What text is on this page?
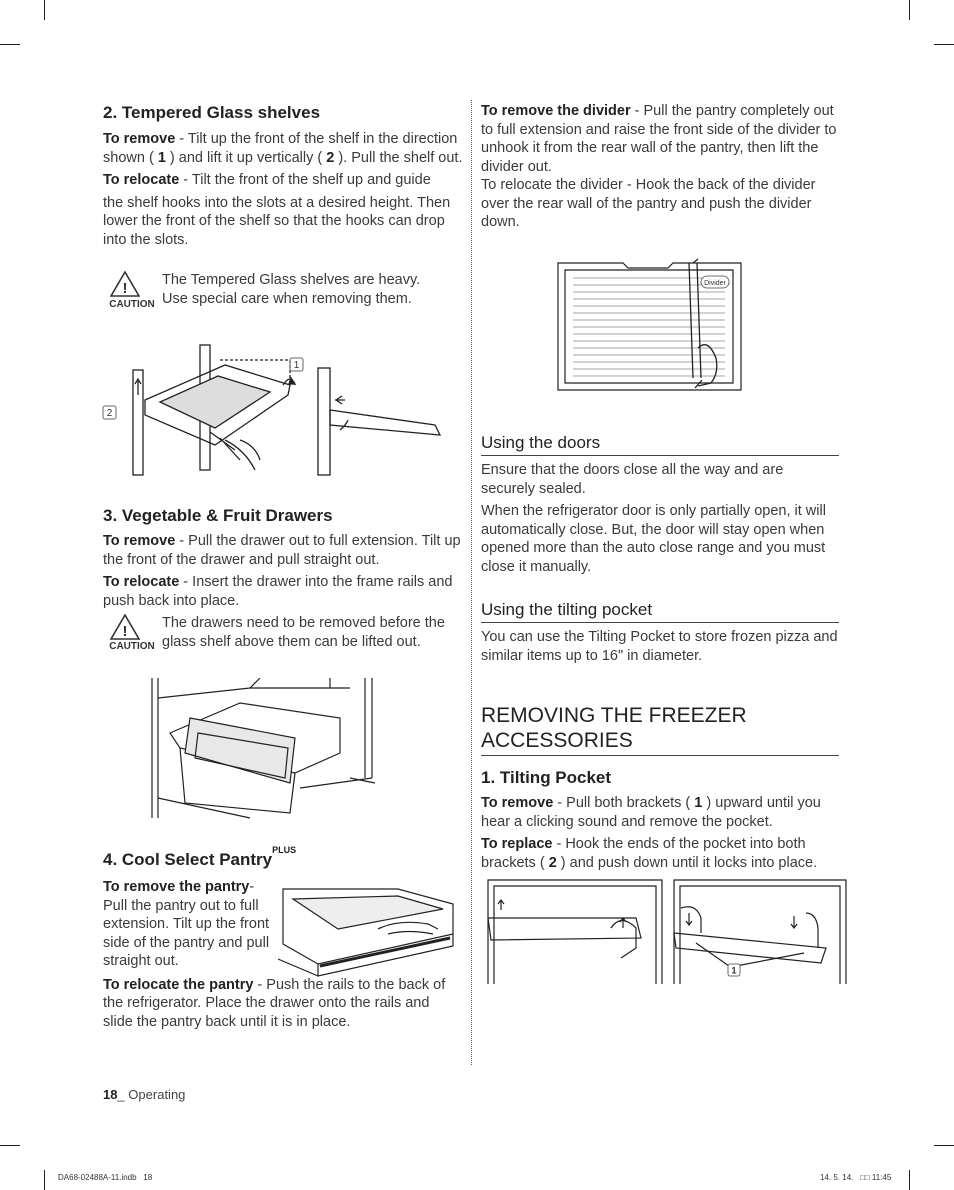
2. Tempered Glass shelves

To remove - Tilt up the front of the shelf in the direction shown ( 1 ) and lift it up vertically ( 2 ). Pull the shelf out.

To relocate - Tilt the front of the shelf up and guide

the shelf hooks into the slots at a desired height. Then lower the front of the shelf so that the hooks can drop into the slots.

!
CAUTION

The Tempered Glass shelves are heavy. Use special care when removing them.

1
2
3. Vegetable & Fruit Drawers

To remove - Pull the drawer out to full extension. Tilt up the front of the drawer and pull straight out.

To relocate - Insert the drawer into the frame rails and push back into place.

!
CAUTION

The drawers need to be removed before the glass shelf above them can be lifted out.

4. Cool Select Pantry$^{PLUS}$

To remove the pantry- Pull the pantry out to full extension. Tilt up the front side of the pantry and pull straight out.

To relocate the pantry - Push the rails to the back of the refrigerator. Place the drawer onto the rails and slide the pantry back until it is in place.

18_ Operating

To remove the divider - Pull the pantry completely out to full extension and raise the front side of the divider to unhook it from the rear wall of the pantry, then lift the divider out.

To relocate the divider - Hook the back of the divider over the rear wall of the pantry and push the divider down.

Divider
Using the doors

Ensure that the doors close all the way and are securely sealed.

When the refrigerator door is only partially open, it will automatically close. But, the door will stay open when opened more than the auto close range and you must close it manually.

Using the tilting pocket

You can use the Tilting Pocket to store frozen pizza and similar items up to 16" in diameter.

REMOVING THE FREEZER ACCESSORIES
1. Tilting Pocket

To remove - Pull both brackets ( 1 ) upward until you hear a clicking sound and remove the pocket.

To replace - Hook the ends of the pocket into both brackets ( 2 ) and push down until it locks into place.

1
DA68-02488A-11.indb   18	14. 5. 14.   □□ 11:45
